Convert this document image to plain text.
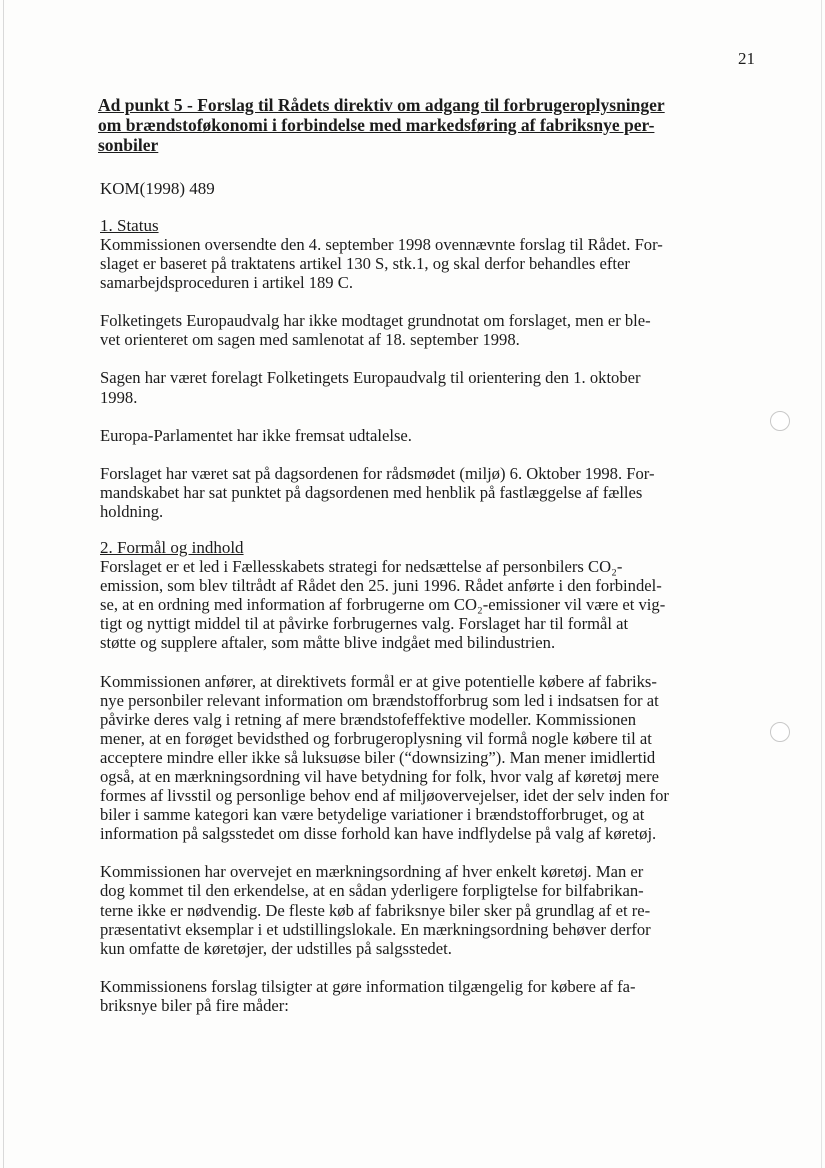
21
Ad punkt 5 - Forslag til Rådets direktiv om adgang til forbrugeroplysninger
om brændstoføkonomi i forbindelse med markedsføring af fabriksnye per-
sonbiler
KOM(1998) 489
1. Status

Kommissionen oversendte den 4. september 1998 ovennævnte forslag til Rådet. For-
slaget er baseret på traktatens artikel 130 S, stk.1, og skal derfor behandles efter
samarbejdsproceduren i artikel 189 C.

Folketingets Europaudvalg har ikke modtaget grundnotat om forslaget, men er ble-
vet orienteret om sagen med samlenotat af 18. september 1998.

Sagen har været forelagt Folketingets Europaudvalg til orientering den 1. oktober
1998.

Europa-Parlamentet har ikke fremsat udtalelse.

Forslaget har været sat på dagsordenen for rådsmødet (miljø) 6. Oktober 1998. For-
mandskabet har sat punktet på dagsordenen med henblik på fastlæggelse af fælles
holdning.

2. Formål og indhold

Forslaget er et led i Fællesskabets strategi for nedsættelse af personbilers CO₂-
emission, som blev tiltrådt af Rådet den 25. juni 1996. Rådet anførte i den forbindel-
se, at en ordning med information af forbrugerne om CO₂-emissioner vil være et vig-
tigt og nyttigt middel til at påvirke forbrugernes valg. Forslaget har til formål at
støtte og supplere aftaler, som måtte blive indgået med bilindustrien.

Kommissionen anfører, at direktivets formål er at give potentielle købere af fabriks-
nye personbiler relevant information om brændstofforbrug som led i indsatsen for at
påvirke deres valg i retning af mere brændstofeffektive modeller. Kommissionen
mener, at en forøget bevidsthed og forbrugeroplysning vil formå nogle købere til at
acceptere mindre eller ikke så luksuøse biler (“downsizing”). Man mener imidlertid
også, at en mærkningsordning vil have betydning for folk, hvor valg af køretøj mere
formes af livsstil og personlige behov end af miljøovervejelser, idet der selv inden for
biler i samme kategori kan være betydelige variationer i brændstofforbruget, og at
information på salgsstedet om disse forhold kan have indflydelse på valg af køretøj.

Kommissionen har overvejet en mærkningsordning af hver enkelt køretøj. Man er
dog kommet til den erkendelse, at en sådan yderligere forpligtelse for bilfabrikan-
terne ikke er nødvendig. De fleste køb af fabriksnye biler sker på grundlag af et re-
præsentativt eksemplar i et udstillingslokale. En mærkningsordning behøver derfor
kun omfatte de køretøjer, der udstilles på salgsstedet.

Kommissionens forslag tilsigter at gøre information tilgængelig for købere af fa-
briksnye biler på fire måder:
